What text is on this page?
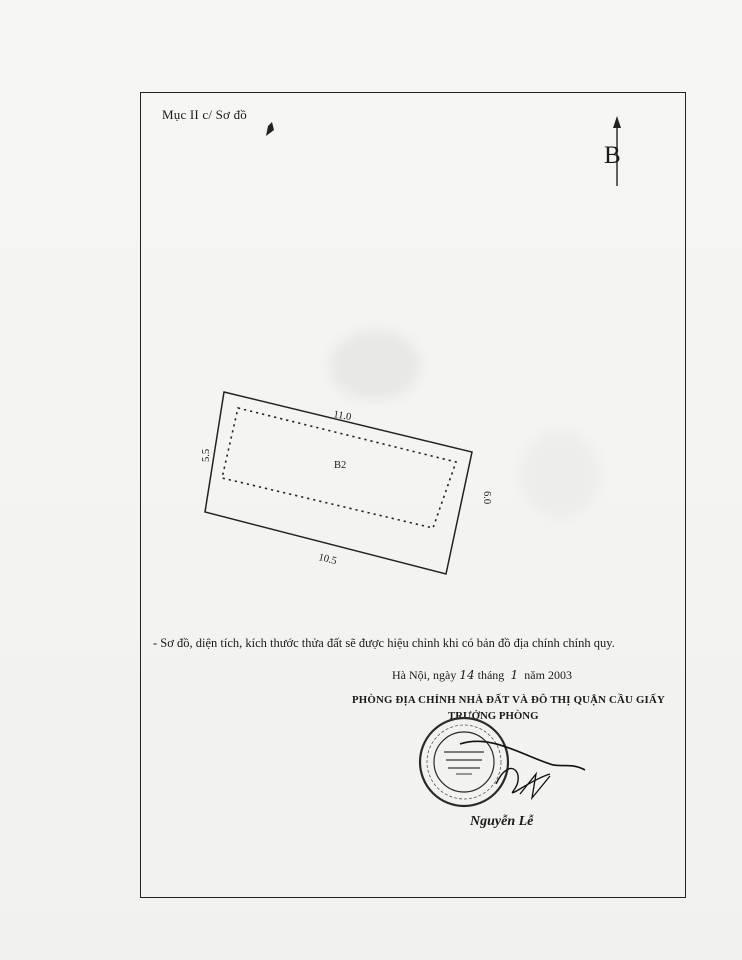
Mục II c/ Sơ đồ
11.0
5.5
6.0
10.5
B2
B
- Sơ đồ, diện tích, kích thước thửa đất sẽ được hiệu chỉnh khi có bản đồ địa chính chính quy.
Hà Nội, ngày 14 tháng 1 năm 2003
PHÒNG ĐỊA CHÍNH NHÀ ĐẤT VÀ ĐÔ THỊ QUẬN CẦU GIẤY
TRƯỞNG PHÒNG
Nguyễn Lễ
